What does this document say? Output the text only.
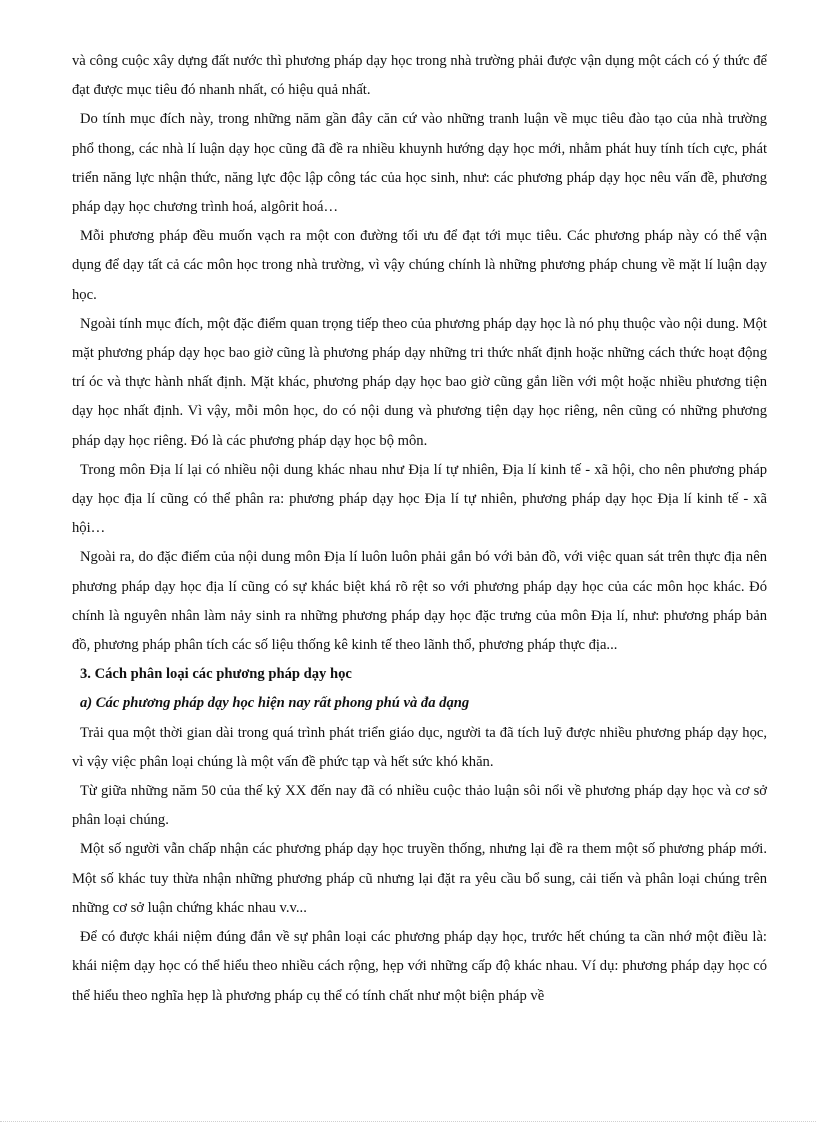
và công cuộc xây dựng đất nước thì phương pháp dạy học trong nhà trường phải được vận dụng một cách có ý thức để đạt được mục tiêu đó nhanh nhất, có hiệu quả nhất.

Do tính mục đích này, trong những năm gần đây căn cứ vào những tranh luận về mục tiêu đào tạo của nhà trường phổ thong, các nhà lí luận dạy học cũng đã đề ra nhiều khuynh hướng dạy học mới, nhằm phát huy tính tích cực, phát triển năng lực nhận thức, năng lực độc lập công tác của học sinh, như: các phương pháp dạy học nêu vấn đề, phương pháp dạy học chương trình hoá, algôrit hoá…

Mỗi phương pháp đều muốn vạch ra một con đường tối ưu để đạt tới mục tiêu. Các phương pháp này có thể vận dụng để dạy tất cả các môn học trong nhà trường, vì vậy chúng chính là những phương pháp chung về mặt lí luận dạy học.

Ngoài tính mục đích, một đặc điểm quan trọng tiếp theo của phương pháp dạy học là nó phụ thuộc vào nội dung. Một mặt phương pháp dạy học bao giờ cũng là phương pháp dạy những tri thức nhất định hoặc những cách thức hoạt động trí óc và thực hành nhất định. Mặt khác, phương pháp dạy học bao giờ cũng gắn liền với một hoặc nhiều phương tiện dạy học nhất định. Vì vậy, mỗi môn học, do có nội dung và phương tiện dạy học riêng, nên cũng có những phương pháp dạy học riêng. Đó là các phương pháp dạy học bộ môn.

Trong môn Địa lí lại có nhiều nội dung khác nhau như Địa lí tự nhiên, Địa lí kinh tế - xã hội, cho nên phương pháp dạy học địa lí cũng có thể phân ra: phương pháp dạy học Địa lí tự nhiên, phương pháp dạy học Địa lí kinh tế - xã hội…

Ngoài ra, do đặc điểm của nội dung môn Địa lí luôn luôn phải gắn bó với bản đồ, với việc quan sát trên thực địa nên phương pháp dạy học địa lí cũng có sự khác biệt khá rõ rệt so với phương pháp dạy học của các môn học khác. Đó chính là nguyên nhân làm nảy sinh ra những phương pháp dạy học đặc trưng của môn Địa lí, như: phương pháp bản đồ, phương pháp phân tích các số liệu thống kê kinh tế theo lãnh thổ, phương pháp thực địa...

3. Cách phân loại các phương pháp dạy học

a) Các phương pháp dạy học hiện nay rất phong phú và đa dạng

Trải qua một thời gian dài trong quá trình phát triển giáo dục, người ta đã tích luỹ được nhiều phương pháp dạy học, vì vậy việc phân loại chúng là một vấn đề phức tạp và hết sức khó khăn.

Từ giữa những năm 50 của thế kỷ XX đến nay đã có nhiều cuộc thảo luận sôi nổi về phương pháp dạy học và cơ sở phân loại chúng.

Một số người vẫn chấp nhận các phương pháp dạy học truyền thống, nhưng lại đề ra them một số phương pháp mới. Một số khác tuy thừa nhận những phương pháp cũ nhưng lại đặt ra yêu cầu bổ sung, cải tiến và phân loại chúng trên những cơ sở luận chứng khác nhau v.v...

Để có được khái niệm đúng đắn về sự phân loại các phương pháp dạy học, trước hết chúng ta cần nhớ một điều là: khái niệm dạy học có thể hiểu theo nhiều cách rộng, hẹp với những cấp độ khác nhau. Ví dụ: phương pháp dạy học có thể hiểu theo nghĩa hẹp là phương pháp cụ thể có tính chất như một biện pháp về
